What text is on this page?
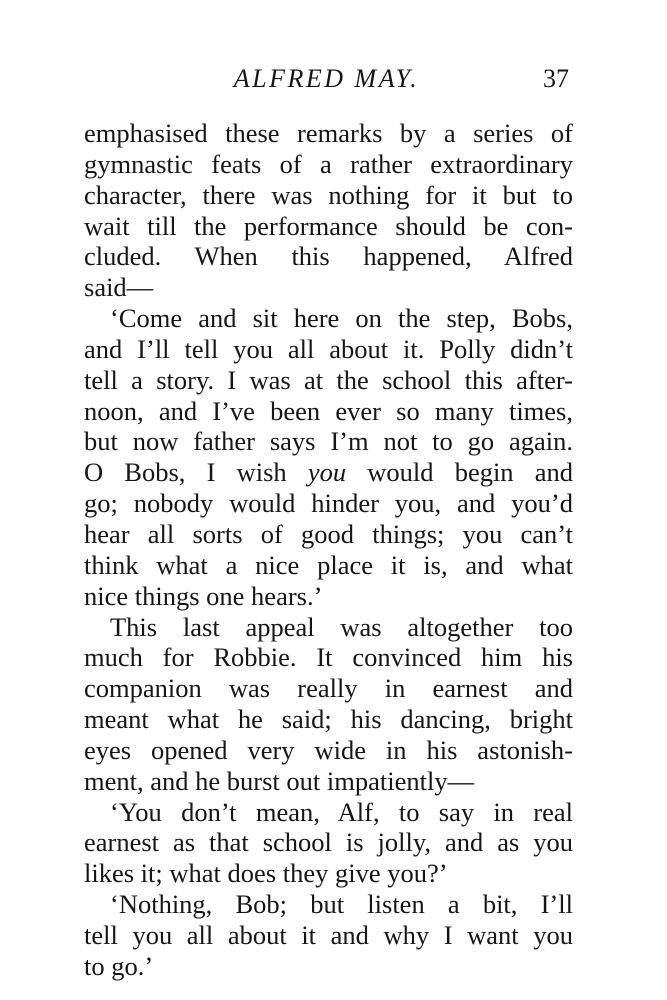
ALFRED MAY.	37
emphasised these remarks by a series of
gymnastic feats of a rather extraordinary
character, there was nothing for it but to
wait till the performance should be con-
cluded. When this happened, Alfred
said—
‘Come and sit here on the step, Bobs,
and I’ll tell you all about it. Polly didn’t
tell a story. I was at the school this after-
noon, and I’ve been ever so many times,
but now father says I’m not to go again.
O Bobs, I wish you would begin and
go; nobody would hinder you, and you’d
hear all sorts of good things; you can’t
think what a nice place it is, and what
nice things one hears.’
This last appeal was altogether too
much for Robbie. It convinced him his
companion was really in earnest and
meant what he said; his dancing, bright
eyes opened very wide in his astonish-
ment, and he burst out impatiently—
‘You don’t mean, Alf, to say in real
earnest as that school is jolly, and as you
likes it; what does they give you?’
‘Nothing, Bob; but listen a bit, I’ll
tell you all about it and why I want you
to go.’
